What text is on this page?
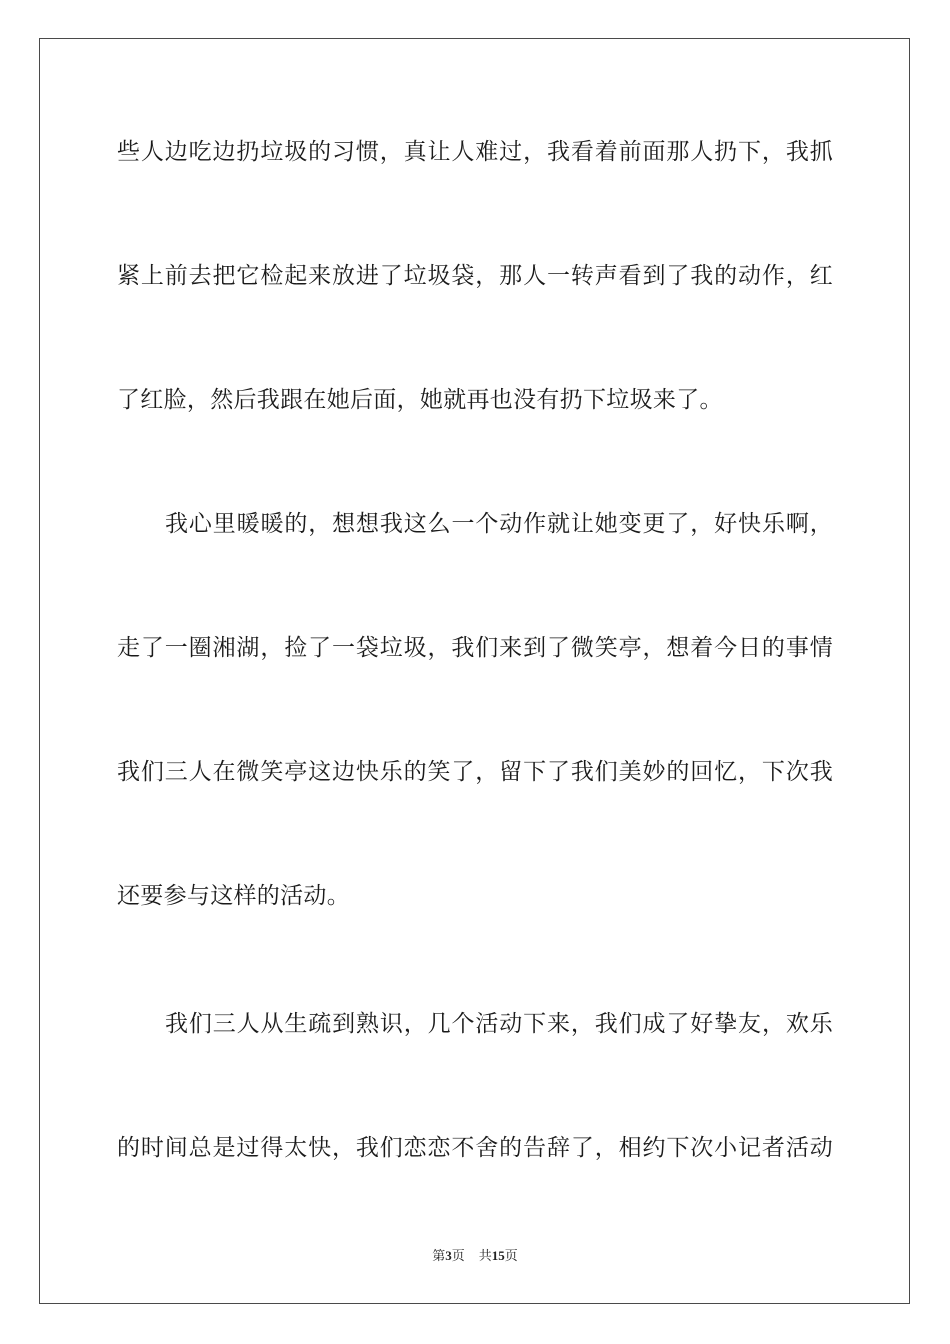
些人边吃边扔垃圾的习惯，真让人难过，我看着前面那人扔下，我抓
紧上前去把它检起来放进了垃圾袋，那人一转声看到了我的动作，红
了红脸，然后我跟在她后面，她就再也没有扔下垃圾来了。
我心里暖暖的，想想我这么一个动作就让她变更了，好快乐啊，
走了一圈湘湖，捡了一袋垃圾，我们来到了微笑亭，想着今日的事情
我们三人在微笑亭这边快乐的笑了，留下了我们美妙的回忆，下次我
还要参与这样的活动。
我们三人从生疏到熟识，几个活动下来，我们成了好挚友，欢乐
的时间总是过得太快，我们恋恋不舍的告辞了，相约下次小记者活动
第3页 共15页
